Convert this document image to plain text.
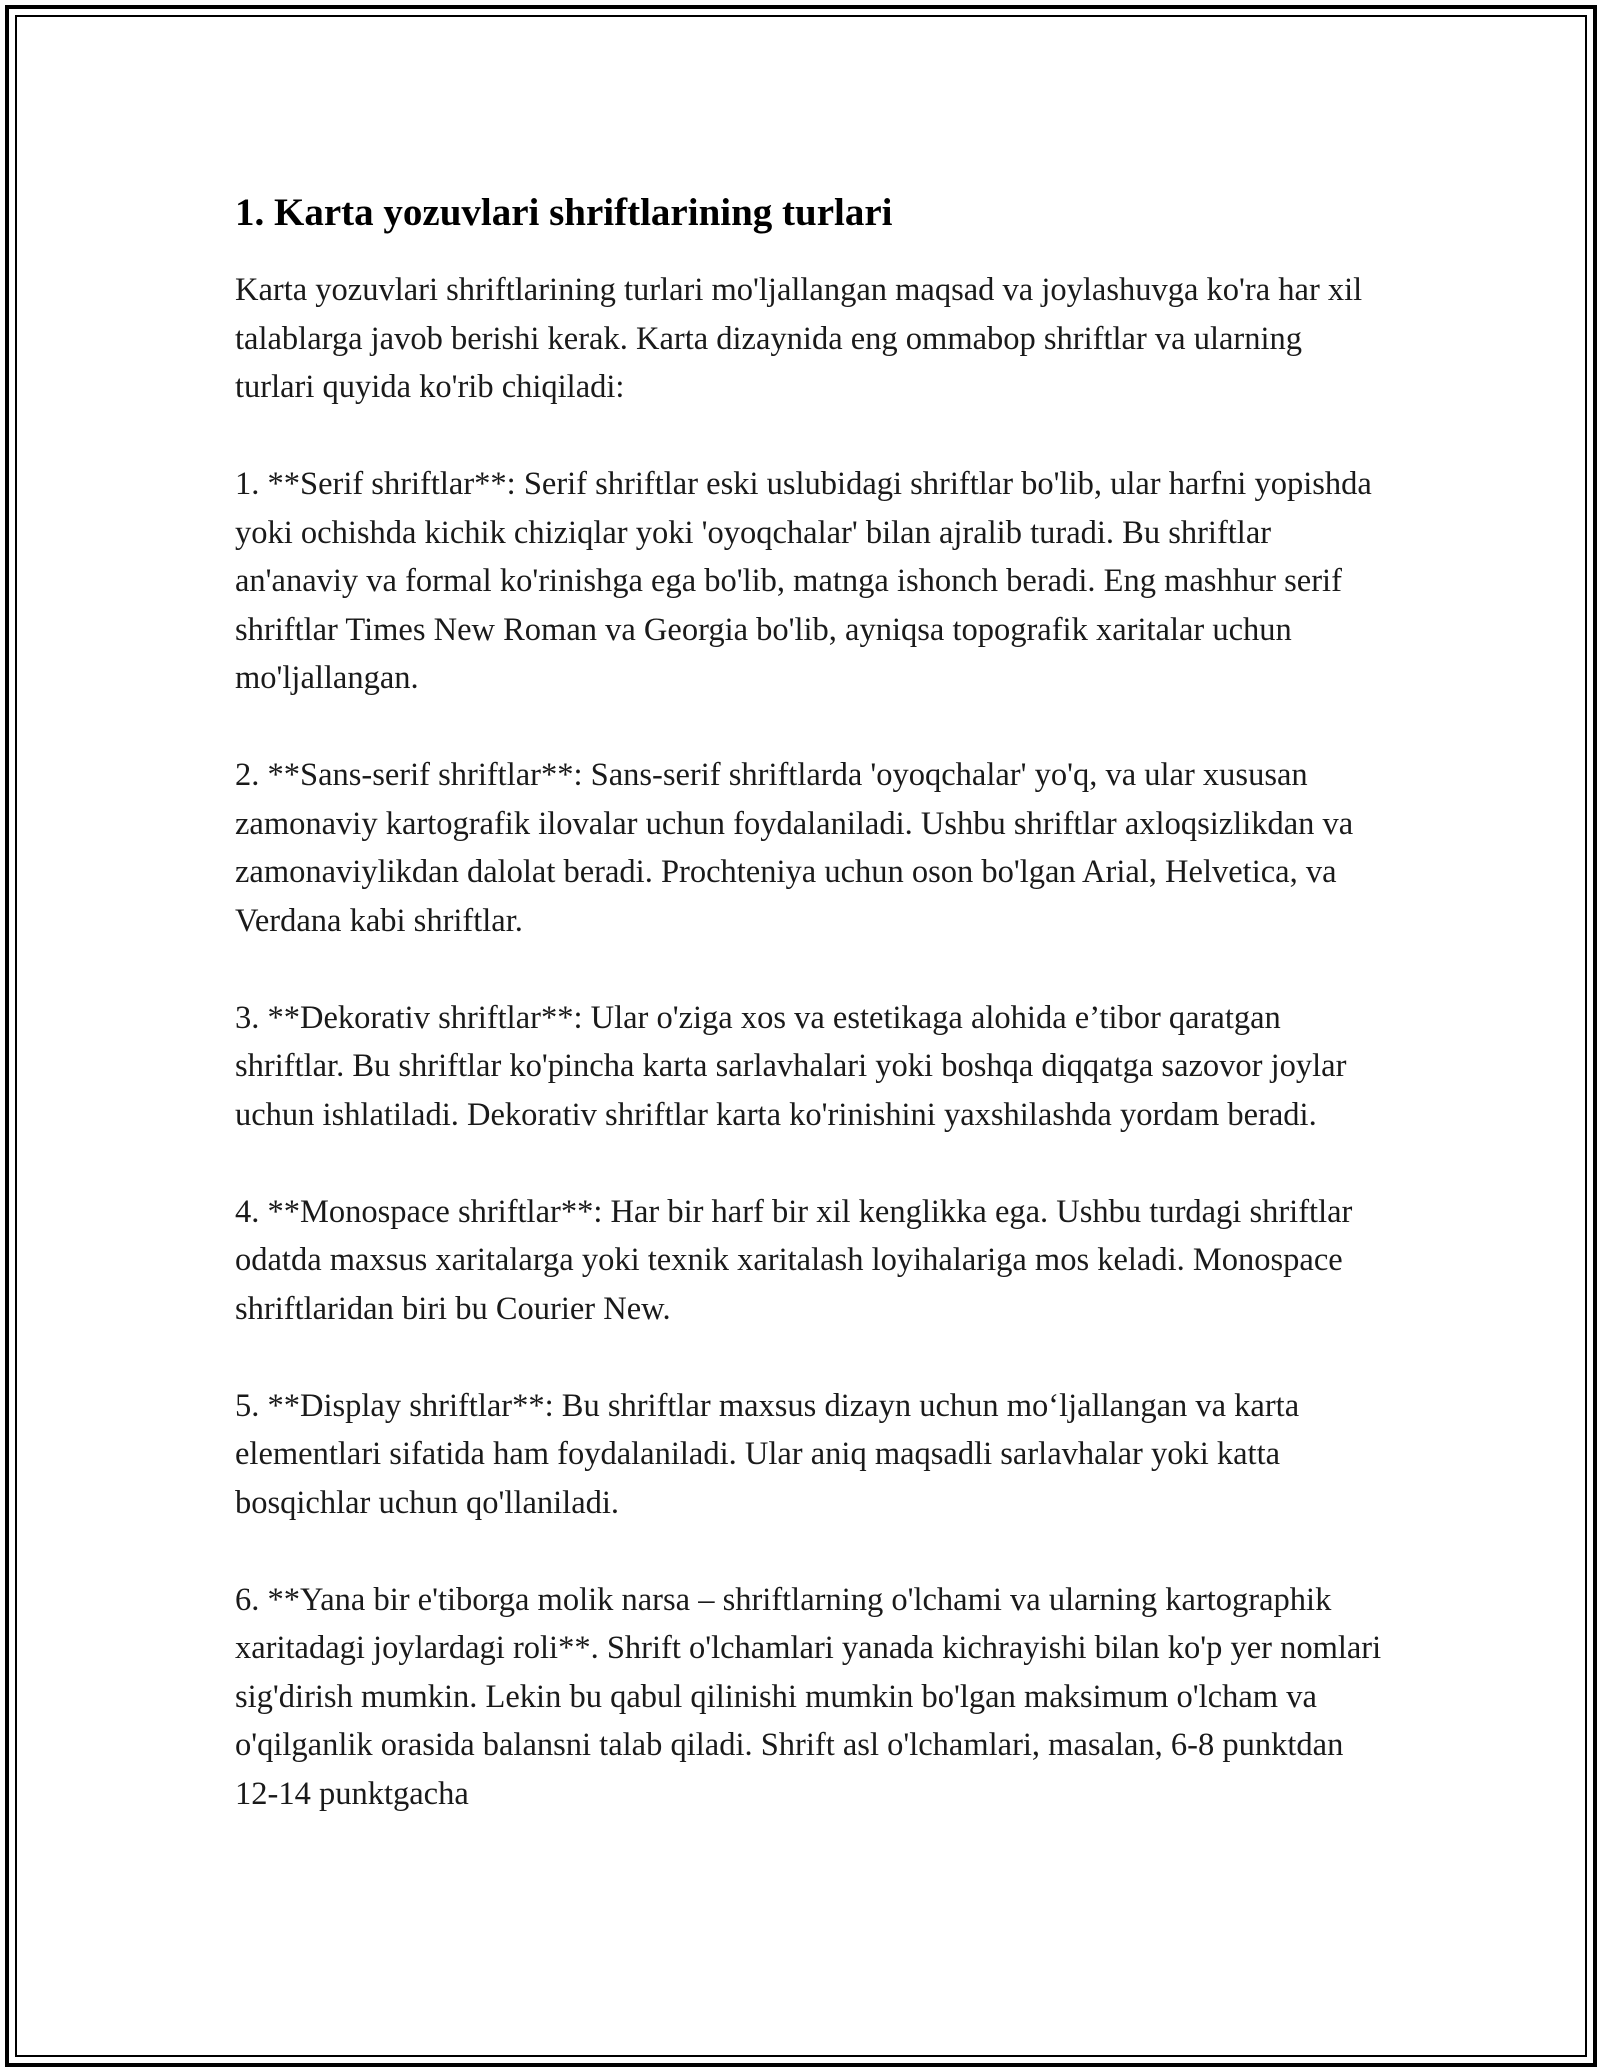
1. Karta yozuvlari shriftlarining turlari

Karta yozuvlari shriftlarining turlari mo'ljallangan maqsad va joylashuvga ko'ra har xil talablarga javob berishi kerak. Karta dizaynida eng ommabop shriftlar va ularning turlari quyida ko'rib chiqiladi:

1. **Serif shriftlar**: Serif shriftlar eski uslubidagi shriftlar bo'lib, ular harfni yopishda yoki ochishda kichik chiziqlar yoki 'oyoqchalar' bilan ajralib turadi. Bu shriftlar an'anaviy va formal ko'rinishga ega bo'lib, matnga ishonch beradi. Eng mashhur serif shriftlar Times New Roman va Georgia bo'lib, ayniqsa topografik xaritalar uchun mo'ljallangan.

2. **Sans-serif shriftlar**: Sans-serif shriftlarda 'oyoqchalar' yo'q, va ular xususan zamonaviy kartografik ilovalar uchun foydalaniladi. Ushbu shriftlar axloqsizlikdan va zamonaviylikdan dalolat beradi. Prochteniya uchun oson bo'lgan Arial, Helvetica, va Verdana kabi shriftlar.

3. **Dekorativ shriftlar**: Ular o'ziga xos va estetikaga alohida e’tibor qaratgan shriftlar. Bu shriftlar ko'pincha karta sarlavhalari yoki boshqa diqqatga sazovor joylar uchun ishlatiladi. Dekorativ shriftlar karta ko'rinishini yaxshilashda yordam beradi.

4. **Monospace shriftlar**: Har bir harf bir xil kenglikka ega. Ushbu turdagi shriftlar odatda maxsus xaritalarga yoki texnik xaritalash loyihalariga mos keladi. Monospace shriftlaridan biri bu Courier New.

5. **Display shriftlar**: Bu shriftlar maxsus dizayn uchun mo‘ljallangan va karta elementlari sifatida ham foydalaniladi. Ular aniq maqsadli sarlavhalar yoki katta bosqichlar uchun qo'llaniladi.

6. **Yana bir e'tiborga molik narsa – shriftlarning o'lchami va ularning kartographik xaritadagi joylardagi roli**. Shrift o'lchamlari yanada kichrayishi bilan ko'p yer nomlari sig'dirish mumkin. Lekin bu qabul qilinishi mumkin bo'lgan maksimum o'lcham va o'qilganlik orasida balansni talab qiladi. Shrift asl o'lchamlari, masalan, 6-8 punktdan 12-14 punktgacha
